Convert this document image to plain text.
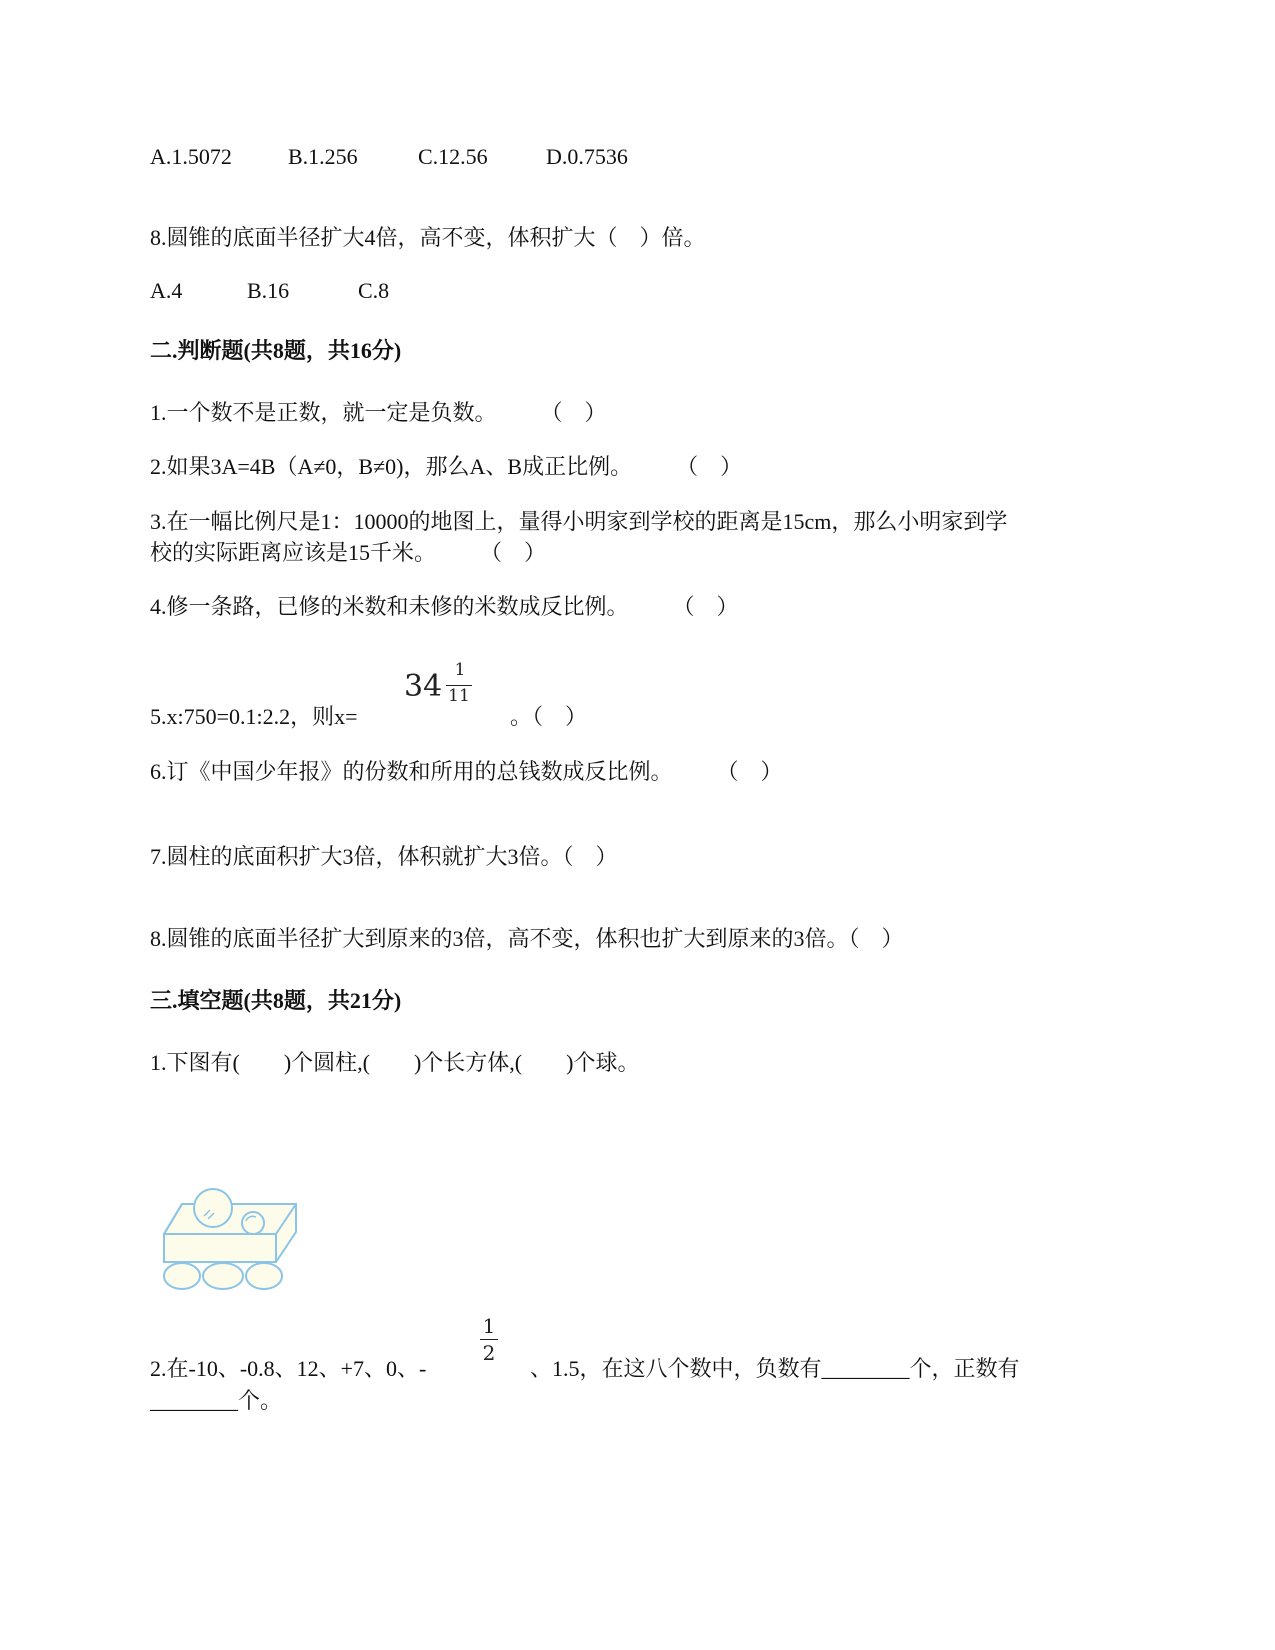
A.1.5072	B.1.256	C.12.56	D.0.7536
8.圆锥的底面半径扩大4倍，高不变，体积扩大（    ）倍。
A.4	B.16	C.8
二.判断题(共8题，共16分)
1.一个数不是正数，就一定是负数。        （    ）
2.如果3A=4B（A≠0，B≠0)，那么A、B成正比例。        （    ）
3.在一幅比例尺是1：10000的地图上，量得小明家到学校的距离是15cm，那么小明家到学
校的实际距离应该是15千米。        （    ）
4.修一条路，已修的米数和未修的米数成反比例。        （    ）
5.x:750=0.1:2.2，则x=
34 1
11
。（    ）
6.订《中国少年报》的份数和所用的总钱数成反比例。        （    ）
7.圆柱的底面积扩大3倍，体积就扩大3倍。（    ）
8.圆锥的底面半径扩大到原来的3倍，高不变，体积也扩大到原来的3倍。（    ）
三.填空题(共8题，共21分)
1.下图有(        )个圆柱,(        )个长方体,(        )个球。
2.在-10、-0.8、12、+7、0、-
1
2
、1.5，在这八个数中，负数有________个，正数有
________个。
